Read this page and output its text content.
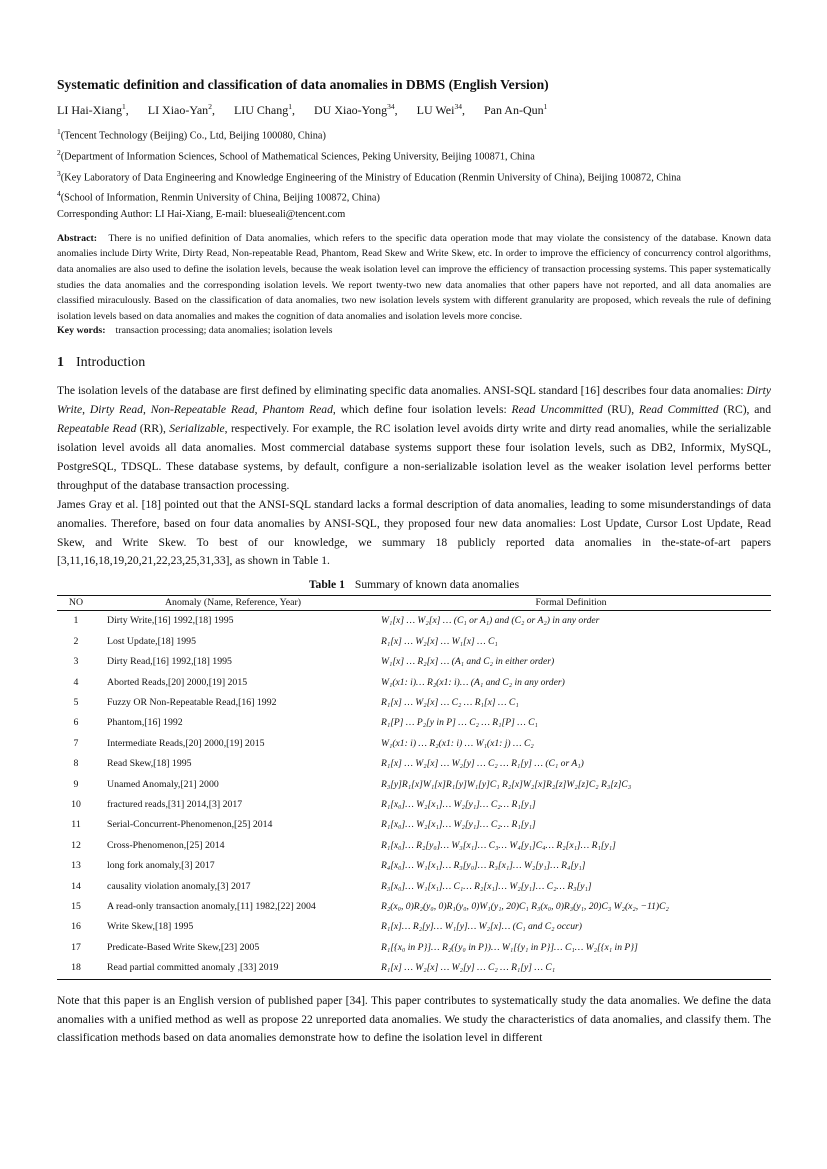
Systematic definition and classification of data anomalies in DBMS (English Version)
LI Hai-Xiang$^1$, LI Xiao-Yan$^2$, LIU Chang$^1$, DU Xiao-Yong$^{34}$, LU Wei$^{34}$, Pan An-Qun$^1$
$^1$(Tencent Technology (Beijing) Co., Ltd, Beijing 100080, China)
$^2$(Department of Information Sciences, School of Mathematical Sciences, Peking University, Beijing 100871, China
$^3$(Key Laboratory of Data Engineering and Knowledge Engineering of the Ministry of Education (Renmin University of China), Beijing 100872, China
$^4$(School of Information, Renmin University of China, Beijing 100872, China)
Corresponding Author: LI Hai-Xiang, E-mail: blueseali@tencent.com
Abstract: There is no unified definition of Data anomalies, which refers to the specific data operation mode that may violate the consistency of the database. Known data anomalies include Dirty Write, Dirty Read, Non-repeatable Read, Phantom, Read Skew and Write Skew, etc. In order to improve the efficiency of concurrency control algorithms, data anomalies are also used to define the isolation levels, because the weak isolation level can improve the efficiency of transaction processing systems. This paper systematically studies the data anomalies and the corresponding isolation levels. We report twenty-two new data anomalies that other papers have not reported, and all data anomalies are classified miraculously. Based on the classification of data anomalies, two new isolation levels system with different granularity are proposed, which reveals the rule of defining isolation levels based on data anomalies and makes the cognition of data anomalies and isolation levels more concise.
Key words: transaction processing; data anomalies; isolation levels
1 Introduction

The isolation levels of the database are first defined by eliminating specific data anomalies. ANSI-SQL standard [16] describes four data anomalies: Dirty Write, Dirty Read, Non-Repeatable Read, Phantom Read, which define four isolation levels: Read Uncommitted (RU), Read Committed (RC), and Repeatable Read (RR), Serializable, respectively. For example, the RC isolation level avoids dirty write and dirty read anomalies, while the serializable isolation level avoids all data anomalies. Most commercial database systems support these four isolation levels, such as DB2, Informix, MySQL, PostgreSQL, TDSQL. These database systems, by default, configure a non-serializable isolation level as the weaker isolation level performs better throughput of the database transaction processing.

James Gray et al. [18] pointed out that the ANSI-SQL standard lacks a formal description of data anomalies, leading to some misunderstandings of data anomalies. Therefore, based on four data anomalies by ANSI-SQL, they proposed four new data anomalies: Lost Update, Cursor Lost Update, Read Skew, and Write Skew. To best of our knowledge, we summary 18 publicly reported data anomalies in the-state-of-art papers [3,11,16,18,19,20,21,22,23,25,31,33], as shown in Table 1.

Table 1 Summary of known data anomalies
NO	Anomaly (Name, Reference, Year)	Formal Definition
1	Dirty Write,[16] 1992,[18] 1995	W₁[x] … W₂[x] … (C₁ or A₁) and (C₂ or A₂) in any order
2	Lost Update,[18] 1995	R₁[x] … W₂[x] … W₁[x] … C₁
3	Dirty Read,[16] 1992,[18] 1995	W₁[x] … R₂[x] … (A₁ and C₂ in either order)
4	Aborted Reads,[20] 2000,[19] 2015	W₁(x1: i)… R₂(x1: i)… (A₁ and C₂ in any order)
5	Fuzzy OR Non-Repeatable Read,[16] 1992	R₁[x] … W₂[x] … C₂ … R₁[x] … C₁
6	Phantom,[16] 1992	R₁[P] … P₂[y in P] … C₂ … R₁[P] … C₁
7	Intermediate Reads,[20] 2000,[19] 2015	W₁(x1: i) … R₂(x1: i) … W₁(x1: j) … C₂
8	Read Skew,[18] 1995	R₁[x] … W₂[x] … W₂[y] … C₂ … R₁[y] … (C₁ or A₁)
9	Unamed Anomaly,[21] 2000	R₃[y]R₁[x]W₁[x]R₁[y]W₁[y]C₁ R₂[x]W₂[x]R₂[z]W₂[z]C₂ R₃[z]C₃
10	fractured reads,[31] 2014,[3] 2017	R₁[x₀]… W₂[x₁]… W₂[y₁]… C₂… R₁[y₁]
11	Serial-Concurrent-Phenomenon,[25] 2014	R₁[x₀]… W₂[x₁]… W₂[y₁]… C₂… R₁[y₁]
12	Cross-Phenomenon,[25] 2014	R₁[x₀]… R₂[y₀]… W₃[x₁]… C₃… W₄[y₁]C₄… R₂[x₁]… R₁[y₁]
13	long fork anomaly,[3] 2017	R₄[x₀]… W₁[x₁]… R₃[y₀]… R₃[x₁]… W₂[y₁]… R₄[y₁]
14	causality violation anomaly,[3] 2017	R₃[x₀]… W₁[x₁]… C₁… R₂[x₁]… W₂[y₁]… C₂… R₃[y₁]
15	A read-only transaction anomaly,[11] 1982,[22] 2004	R₂(x₀, 0)R₂(y₀, 0)R₁(y₀, 0)W₁(y₁, 20)C₁ R₃(x₀, 0)R₃(y₁, 20)C₃ W₂(x₂, −11)C₂
16	Write Skew,[18] 1995	R₁[x]… R₂[y]… W₁[y]… W₂[x]… (C₁ and C₂ occur)
17	Predicate-Based Write Skew,[23] 2005	R₁[{x₀ in P}]… R₂({y₀ in P})… W₁[{y₁ in P}]… C₁… W₂[{x₁ in P}]
18	Read partial committed anomaly ,[33] 2019	R₁[x] … W₂[x] … W₂[y] … C₂ … R₁[y] … C₁

Note that this paper is an English version of published paper [34]. This paper contributes to systematically study the data anomalies. We define the data anomalies with a unified method as well as propose 22 unreported data anomalies. We study the characteristics of data anomalies, and classify them. The classification methods based on data anomalies demonstrate how to define the isolation level in different
